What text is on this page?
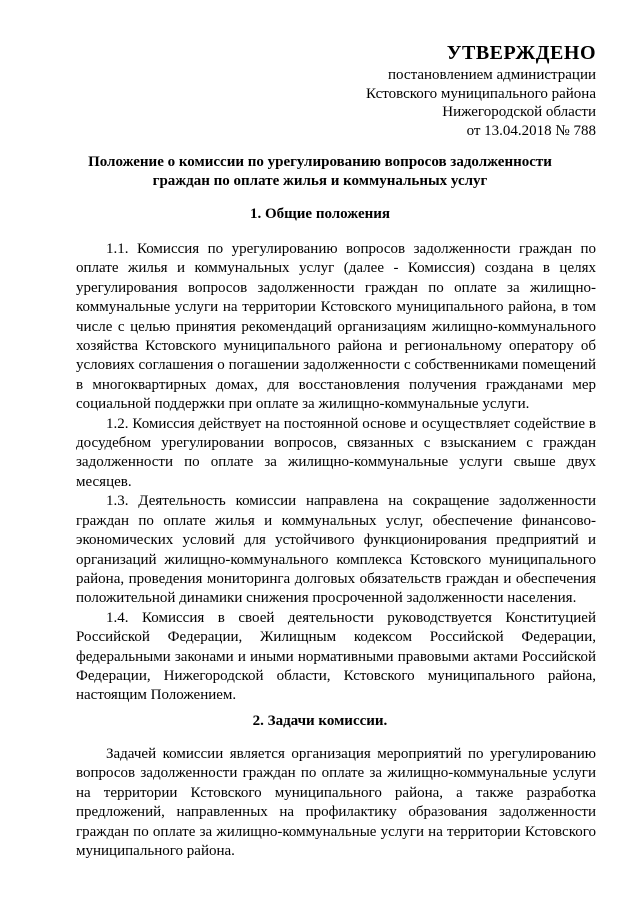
УТВЕРЖДЕНО
постановлением администрации
Кстовского муниципального района
Нижегородской области
от 13.04.2018 № 788
Положение о комиссии по урегулированию вопросов задолженности
граждан по оплате жилья и коммунальных услуг
1. Общие положения

1.1. Комиссия по урегулированию вопросов задолженности граждан по оплате жилья и коммунальных услуг (далее - Комиссия) создана в целях урегулирования вопросов задолженности граждан по оплате за жилищно-коммунальные услуги на территории Кстовского муниципального района, в том числе с целью принятия рекомендаций организациям жилищно-коммунального хозяйства Кстовского муниципального района и региональному оператору об условиях соглашения о погашении задолженности с собственниками помещений в многоквартирных домах, для восстановления получения гражданами мер социальной поддержки при оплате за жилищно-коммунальные услуги.

1.2. Комиссия действует на постоянной основе и осуществляет содействие в досудебном урегулировании вопросов, связанных с взысканием с граждан задолженности по оплате за жилищно-коммунальные услуги свыше двух месяцев.

1.3. Деятельность комиссии направлена на сокращение задолженности граждан по оплате жилья и коммунальных услуг, обеспечение финансово-экономических условий для устойчивого функционирования предприятий и организаций жилищно-коммунального комплекса Кстовского муниципального района, проведения мониторинга долговых обязательств граждан и обеспечения положительной динамики снижения просроченной задолженности населения.

1.4. Комиссия в своей деятельности руководствуется Конституцией Российской Федерации, Жилищным кодексом Российской Федерации, федеральными законами и иными нормативными правовыми актами Российской Федерации, Нижегородской области, Кстовского муниципального района, настоящим Положением.

2. Задачи комиссии.

Задачей комиссии является организация мероприятий по урегулированию вопросов задолженности граждан по оплате за жилищно-коммунальные услуги на территории Кстовского муниципального района, а также разработка предложений, направленных на профилактику образования задолженности граждан по оплате за жилищно-коммунальные услуги на территории Кстовского муниципального района.
